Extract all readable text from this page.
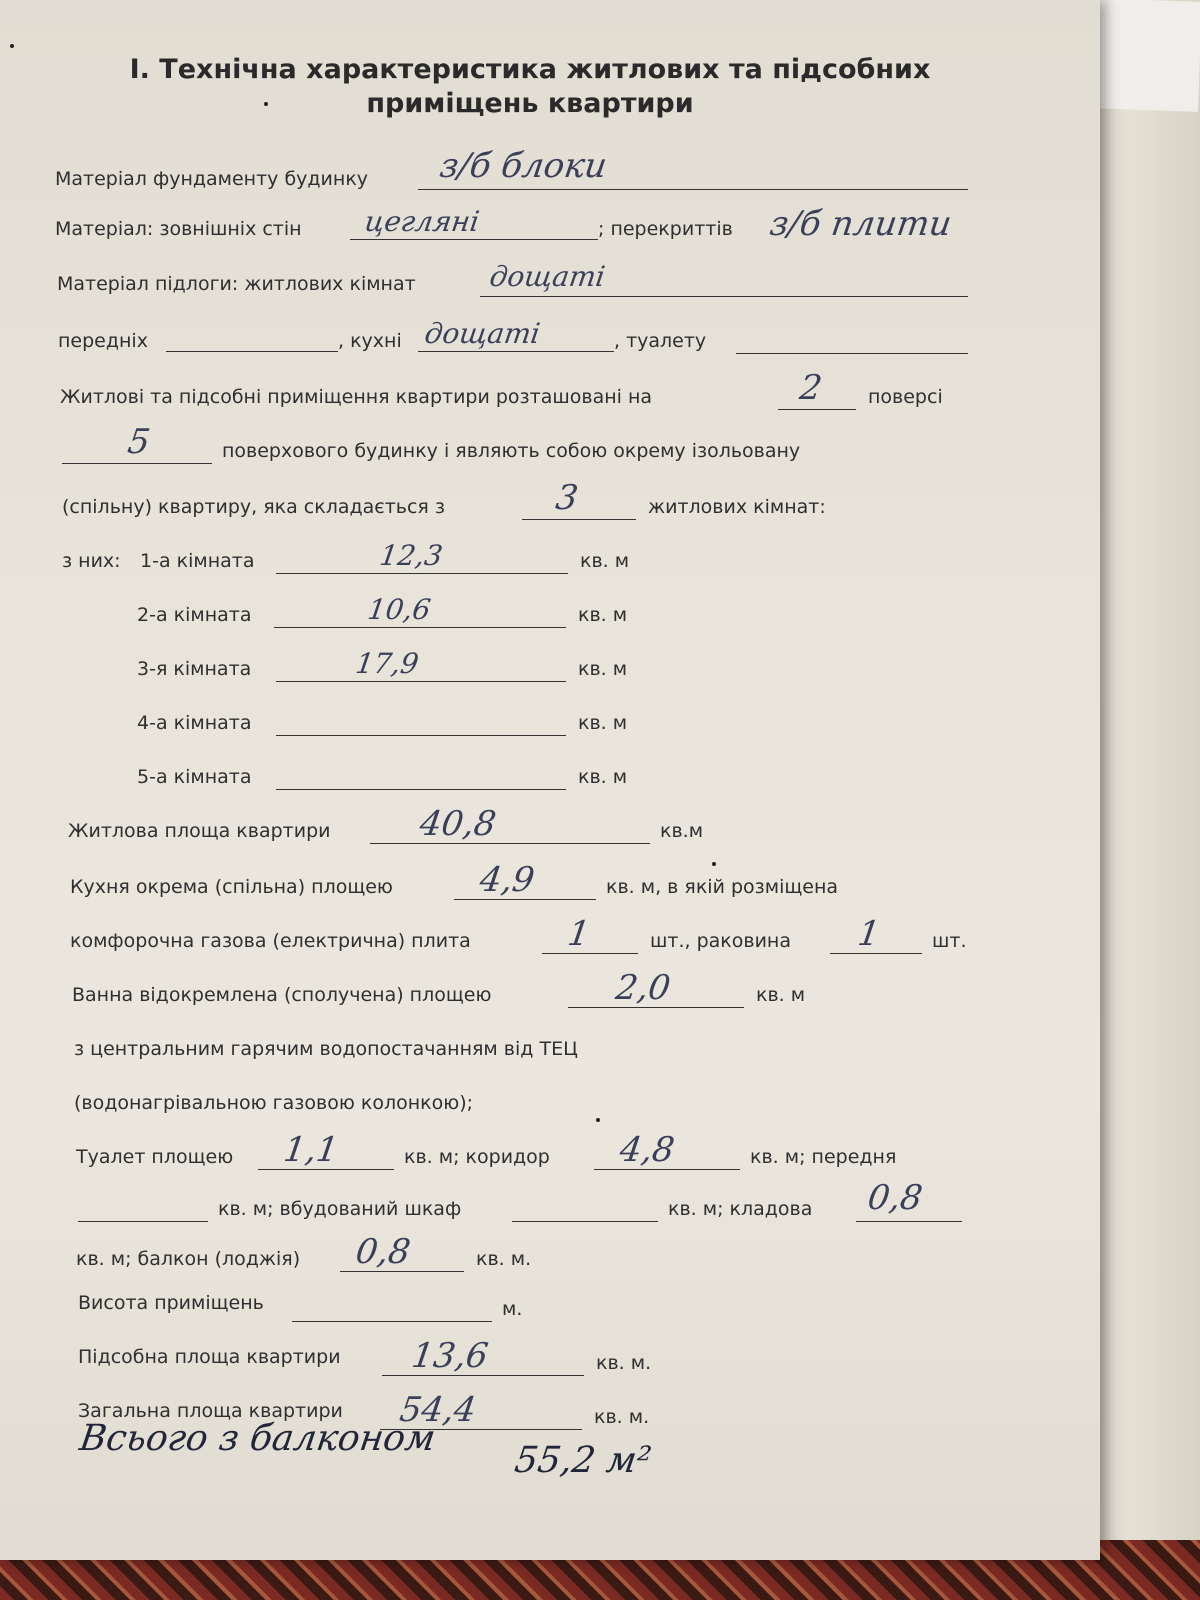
І. Технічна характеристика житлових та підсобних
приміщень квартири
Матеріал фундаменту будинку з/б блоки
Матеріал: зовнішніх стін цегляні	; перекриттів з/б плити
Матеріал підлоги: житлових кімнат	дощаті
передніх	, кухні дощаті	, туалету
Житлові та підсобні приміщення квартири розташовані на	2 поверсі
5	поверхового будинку і являють собою окрему ізольовану
(спільну) квартиру, яка складається з	3	житлових кімнат:
з них: 1-а кімната	12,3	кв. м
2-а кімната	10,6	кв. м
3-я кімната	17,9	кв. м
4-а кімната	кв. м
5-а кімната	кв. м
Житлова площа квартири	40,8	кв.м
Кухня окрема (спільна) площею 4,9	кв. м, в якій розміщена
комфорочна газова (електрична) плита	1	шт., раковина 1	шт.
Ванна відокремлена (сполучена) площею	2,0	кв. м
з центральним гарячим водопостачанням від ТЕЦ
(водонагрівальною газовою колонкою);
Туалет площею 1,1	кв. м; коридор 4,8	кв. м; передня
кв. м; вбудований шкаф	кв. м; кладова 0,8
кв. м; балкон (лоджія) 0,8	кв. м.
Висота приміщень	м.
Підсобна площа квартири 13,6	кв. м.
Загальна площа квартири 54,4	кв. м.
Всього з балконом
55,2 м²
